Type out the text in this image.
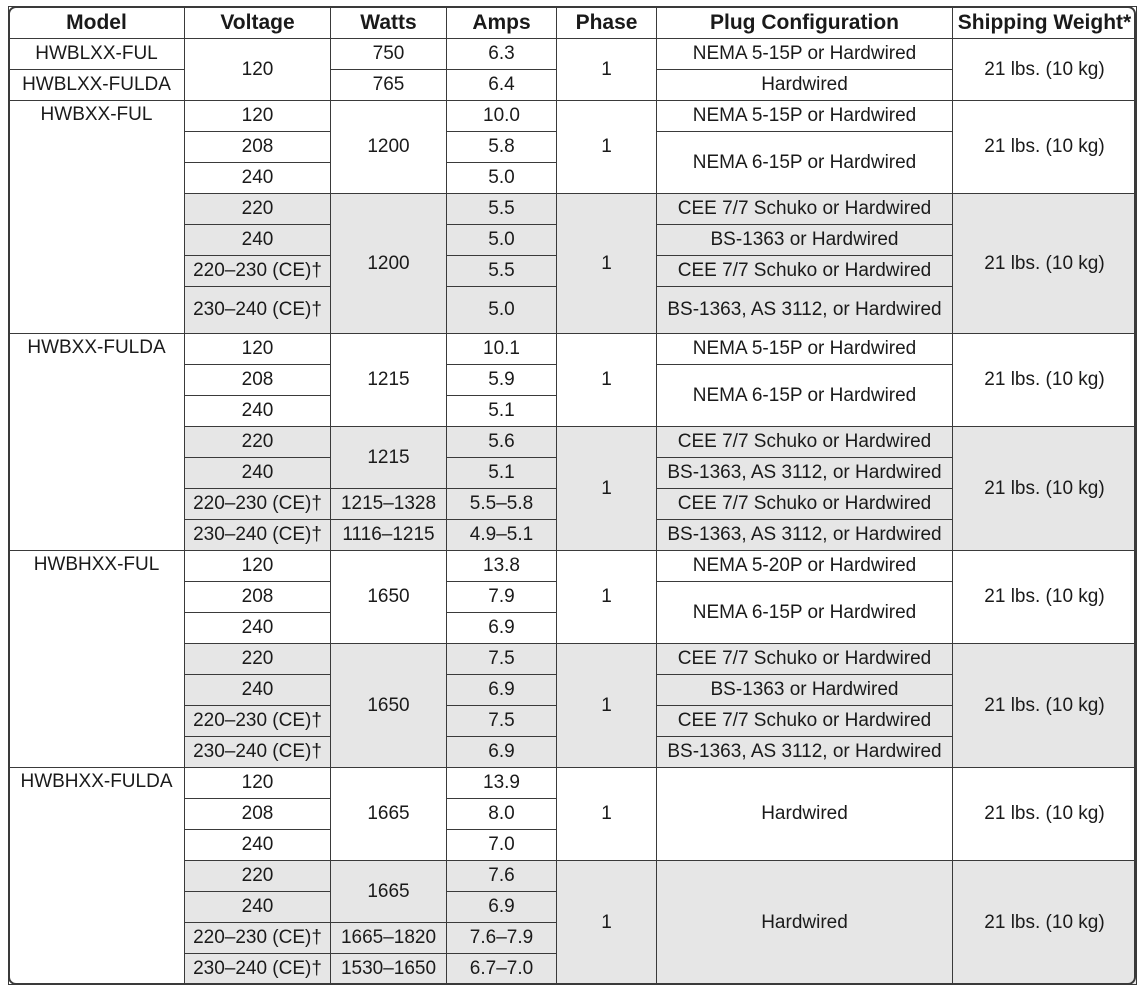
Model	Voltage	Watts	Amps	Phase	Plug Configuration	Shipping Weight*
HWBLXX-FUL	120	750	6.3	1	NEMA 5-15P or Hardwired	21 lbs. (10 kg)
HWBLXX-FULDA		765	6.4		Hardwired	
HWBXX-FUL	120	1200	10.0	1	NEMA 5-15P or Hardwired	21 lbs. (10 kg)
	208		5.8		NEMA 6-15P or Hardwired	
	240		5.0			
	220	1200	5.5	1	CEE 7/7 Schuko or Hardwired	21 lbs. (10 kg)
	240		5.0		BS-1363 or Hardwired	
	220–230 (CE)†		5.5		CEE 7/7 Schuko or Hardwired	
	230–240 (CE)†		5.0		BS-1363, AS 3112, or Hardwired	
HWBXX-FULDA	120	1215	10.1	1	NEMA 5-15P or Hardwired	21 lbs. (10 kg)
	208		5.9		NEMA 6-15P or Hardwired	
	240		5.1			
	220	1215	5.6	1	CEE 7/7 Schuko or Hardwired	21 lbs. (10 kg)
	240		5.1		BS-1363, AS 3112, or Hardwired	
	220–230 (CE)†	1215–1328	5.5–5.8		CEE 7/7 Schuko or Hardwired	
	230–240 (CE)†	1116–1215	4.9–5.1		BS-1363, AS 3112, or Hardwired	
HWBHXX-FUL	120	1650	13.8	1	NEMA 5-20P or Hardwired	21 lbs. (10 kg)
	208		7.9		NEMA 6-15P or Hardwired	
	240		6.9			
	220	1650	7.5	1	CEE 7/7 Schuko or Hardwired	21 lbs. (10 kg)
	240		6.9		BS-1363 or Hardwired	
	220–230 (CE)†		7.5		CEE 7/7 Schuko or Hardwired	
	230–240 (CE)†		6.9		BS-1363, AS 3112, or Hardwired	
HWBHXX-FULDA	120	1665	13.9	1	Hardwired	21 lbs. (10 kg)
	208		8.0			
	240		7.0			
	220	1665	7.6	1	Hardwired	21 lbs. (10 kg)
	240		6.9			
	220–230 (CE)†	1665–1820	7.6–7.9			
	230–240 (CE)†	1530–1650	6.7–7.0			
